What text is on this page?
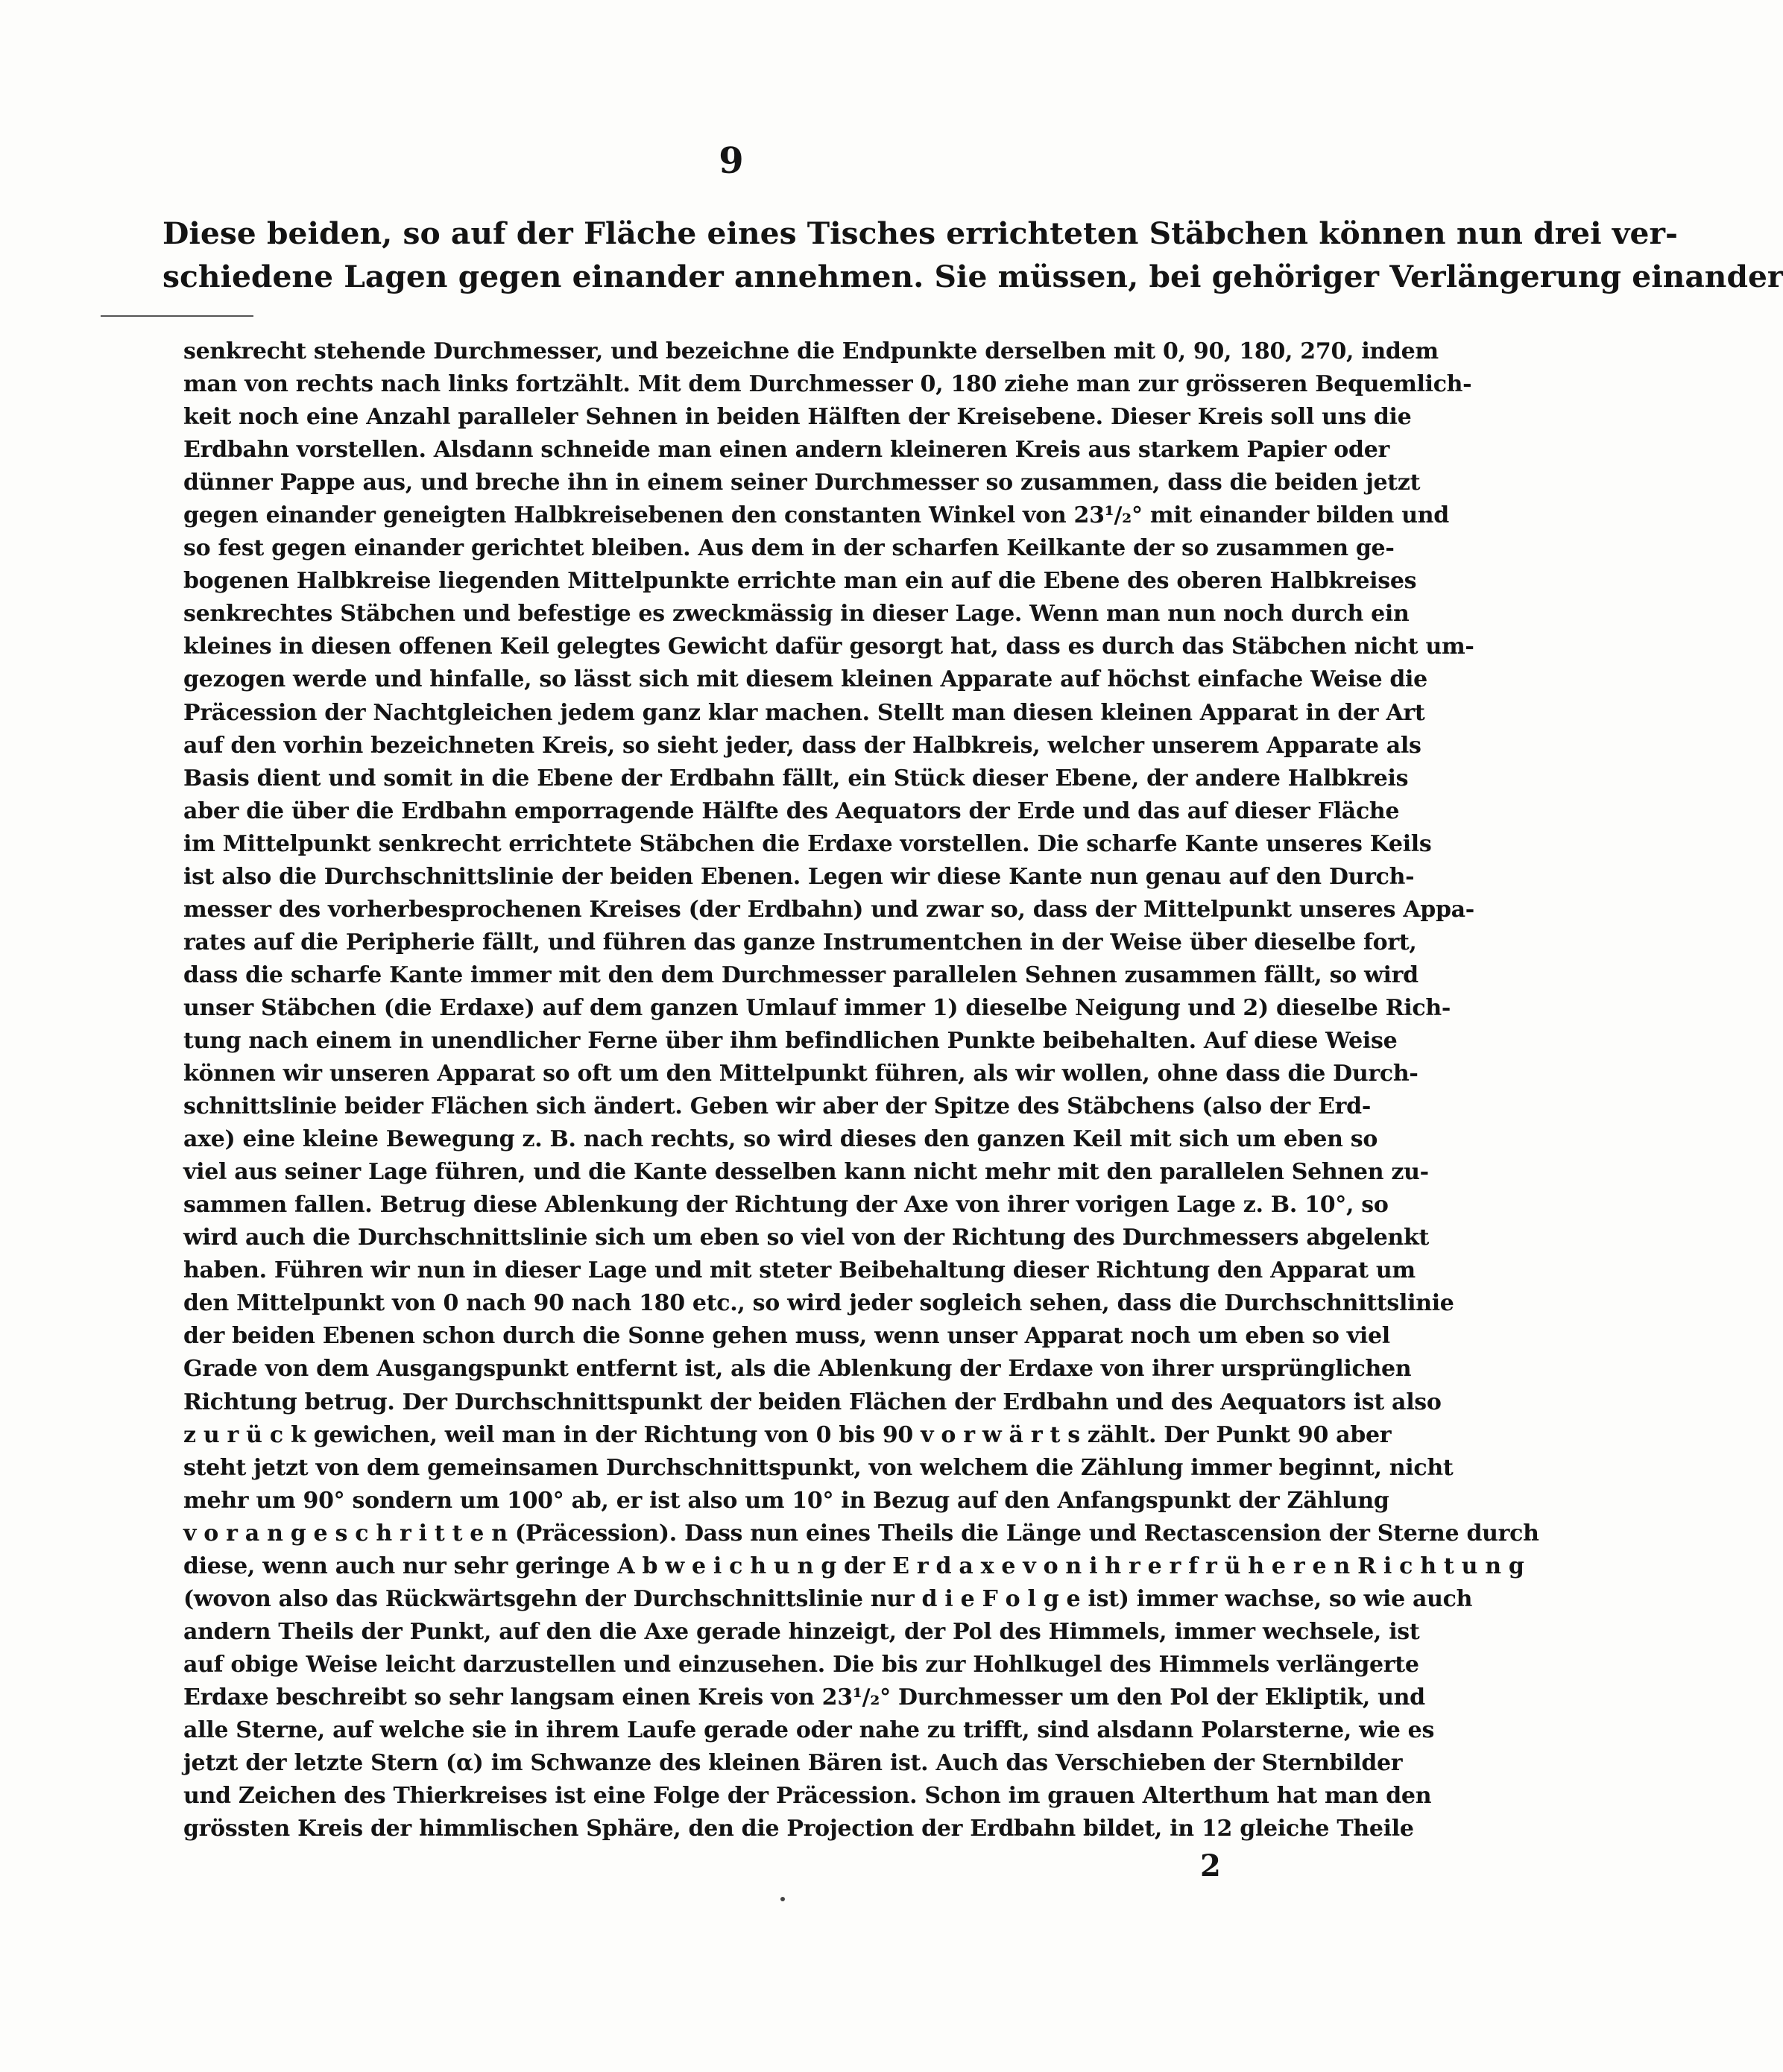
9
Diese beiden, so auf der Fläche eines Tisches errichteten Stäbchen können nun drei ver-
schiedene Lagen gegen einander annehmen. Sie müssen, bei gehöriger Verlängerung einander
senkrecht stehende Durchmesser, und bezeichne die Endpunkte derselben mit 0, 90, 180, 270, indem
man von rechts nach links fortzählt. Mit dem Durchmesser 0, 180 ziehe man zur grösseren Bequemlich-
keit noch eine Anzahl paralleler Sehnen in beiden Hälften der Kreisebene. Dieser Kreis soll uns die
Erdbahn vorstellen. Alsdann schneide man einen andern kleineren Kreis aus starkem Papier oder
dünner Pappe aus, und breche ihn in einem seiner Durchmesser so zusammen, dass die beiden jetzt
gegen einander geneigten Halbkreisebenen den constanten Winkel von 23¹/₂° mit einander bilden und
so fest gegen einander gerichtet bleiben. Aus dem in der scharfen Keilkante der so zusammen ge-
bogenen Halbkreise liegenden Mittelpunkte errichte man ein auf die Ebene des oberen Halbkreises
senkrechtes Stäbchen und befestige es zweckmässig in dieser Lage. Wenn man nun noch durch ein
kleines in diesen offenen Keil gelegtes Gewicht dafür gesorgt hat, dass es durch das Stäbchen nicht um-
gezogen werde und hinfalle, so lässt sich mit diesem kleinen Apparate auf höchst einfache Weise die
Präcession der Nachtgleichen jedem ganz klar machen. Stellt man diesen kleinen Apparat in der Art
auf den vorhin bezeichneten Kreis, so sieht jeder, dass der Halbkreis, welcher unserem Apparate als
Basis dient und somit in die Ebene der Erdbahn fällt, ein Stück dieser Ebene, der andere Halbkreis
aber die über die Erdbahn emporragende Hälfte des Aequators der Erde und das auf dieser Fläche
im Mittelpunkt senkrecht errichtete Stäbchen die Erdaxe vorstellen. Die scharfe Kante unseres Keils
ist also die Durchschnittslinie der beiden Ebenen. Legen wir diese Kante nun genau auf den Durch-
messer des vorherbesprochenen Kreises (der Erdbahn) und zwar so, dass der Mittelpunkt unseres Appa-
rates auf die Peripherie fällt, und führen das ganze Instrumentchen in der Weise über dieselbe fort,
dass die scharfe Kante immer mit den dem Durchmesser parallelen Sehnen zusammen fällt, so wird
unser Stäbchen (die Erdaxe) auf dem ganzen Umlauf immer 1) dieselbe Neigung und 2) dieselbe Rich-
tung nach einem in unendlicher Ferne über ihm befindlichen Punkte beibehalten. Auf diese Weise
können wir unseren Apparat so oft um den Mittelpunkt führen, als wir wollen, ohne dass die Durch-
schnittslinie beider Flächen sich ändert. Geben wir aber der Spitze des Stäbchens (also der Erd-
axe) eine kleine Bewegung z. B. nach rechts, so wird dieses den ganzen Keil mit sich um eben so
viel aus seiner Lage führen, und die Kante desselben kann nicht mehr mit den parallelen Sehnen zu-
sammen fallen. Betrug diese Ablenkung der Richtung der Axe von ihrer vorigen Lage z. B. 10°, so
wird auch die Durchschnittslinie sich um eben so viel von der Richtung des Durchmessers abgelenkt
haben. Führen wir nun in dieser Lage und mit steter Beibehaltung dieser Richtung den Apparat um
den Mittelpunkt von 0 nach 90 nach 180 etc., so wird jeder sogleich sehen, dass die Durchschnittslinie
der beiden Ebenen schon durch die Sonne gehen muss, wenn unser Apparat noch um eben so viel
Grade von dem Ausgangspunkt entfernt ist, als die Ablenkung der Erdaxe von ihrer ursprünglichen
Richtung betrug. Der Durchschnittspunkt der beiden Flächen der Erdbahn und des Aequators ist also
z u r ü c k gewichen, weil man in der Richtung von 0 bis 90 v o r w ä r t s zählt. Der Punkt 90 aber
steht jetzt von dem gemeinsamen Durchschnittspunkt, von welchem die Zählung immer beginnt, nicht
mehr um 90° sondern um 100° ab, er ist also um 10° in Bezug auf den Anfangspunkt der Zählung
v o r a n g e s c h r i t t e n (Präcession). Dass nun eines Theils die Länge und Rectascension der Sterne durch
diese, wenn auch nur sehr geringe A b w e i c h u n g der E r d a x e v o n i h r e r f r ü h e r e n R i c h t u n g
(wovon also das Rückwärtsgehn der Durchschnittslinie nur d i e F o l g e ist) immer wachse, so wie auch
andern Theils der Punkt, auf den die Axe gerade hinzeigt, der Pol des Himmels, immer wechsele, ist
auf obige Weise leicht darzustellen und einzusehen. Die bis zur Hohlkugel des Himmels verlängerte
Erdaxe beschreibt so sehr langsam einen Kreis von 23¹/₂° Durchmesser um den Pol der Ekliptik, und
alle Sterne, auf welche sie in ihrem Laufe gerade oder nahe zu trifft, sind alsdann Polarsterne, wie es
jetzt der letzte Stern (α) im Schwanze des kleinen Bären ist. Auch das Verschieben der Sternbilder
und Zeichen des Thierkreises ist eine Folge der Präcession. Schon im grauen Alterthum hat man den
grössten Kreis der himmlischen Sphäre, den die Projection der Erdbahn bildet, in 12 gleiche Theile
2
